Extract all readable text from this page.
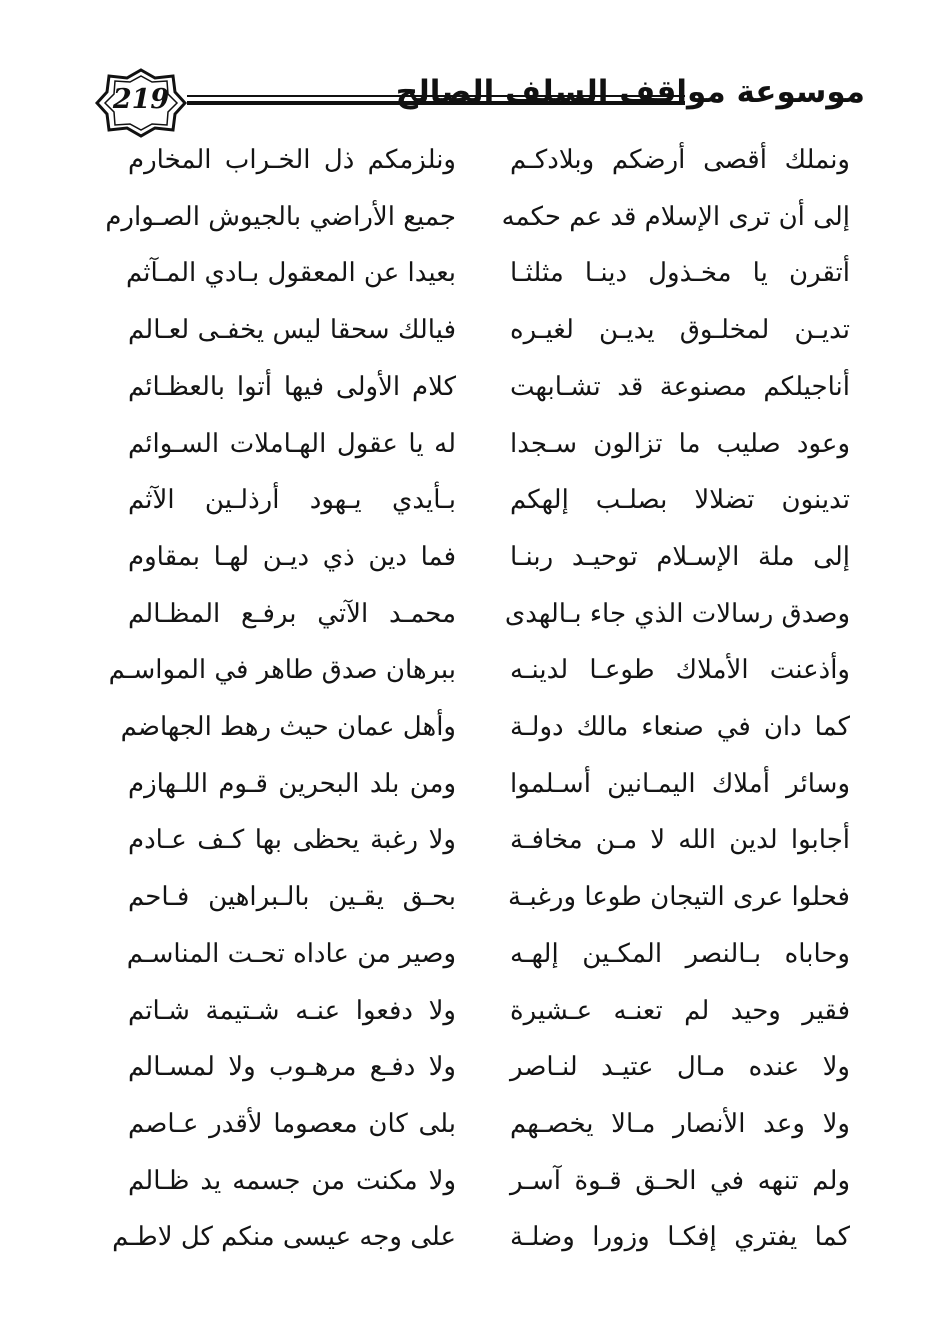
219	موسوعة مواقف السلف الصالح
ونملك أقصى أرضكم وبلادكـم
ونلزمكم ذل الخـراب المخارم
إلى أن ترى الإسلام قد عم حكمه
جميع الأراضي بالجيوش الصـوارم
أتقرن يا مخـذول دينـا مثلثـا
بعيدا عن المعقول بـادي المـآثم
تديـن لمخلـوق يديـن لغيـره
فيالك سحقا ليس يخفـى لعـالم
أناجيلكم مصنوعة قد تشـابهت
كلام الأولى فيها أتوا بالعظـائم
وعود صليب ما تزالون سـجدا
له يا عقول الهـاملات السـوائم
تدينون تضلالا بصلـب إلهكم
بـأيدي يـهود أرذلـين الآثم
إلى ملة الإسـلام توحيـد ربنـا
فما دين ذي ديـن لهـا بمقاوم
وصدق رسالات الذي جاء بـالهدى
محمـد الآتي برفـع المظـالم
وأذعنت الأملاك طوعـا لدينـه
ببرهان صدق طاهر في المواسـم
كما دان في صنعاء مالك دولـة
وأهل عمان حيث رهط الجهاضم
وسائر أملاك اليمـانين أسـلموا
ومن بلد البحرين قـوم اللـهازم
أجابوا لدين الله لا مـن مخافـة
ولا رغبة يحظى بها كـف عـادم
فحلوا عرى التيجان طوعا ورغبـة
بحـق يقـين بالـبراهين فـاحم
وحاباه بـالنصر المكـين إلهـه
وصير من عاداه تحـت المناسـم
فقير وحيد لم تعنـه عـشيرة
ولا دفعوا عنـه شـتيمة شـاتم
ولا عنده مـال عتيـد لنـاصر
ولا دفـع مرهـوب ولا لمسـالم
ولا وعد الأنصار مـالا يخصـهم
بلى كان معصوما لأقدر عـاصم
ولم تنهه في الحـق قـوة آسـر
ولا مكنت من جسمه يد ظـالم
كما يفتري إفكـا وزورا وضلـة
على وجه عيسى منكم كل لاطـم
